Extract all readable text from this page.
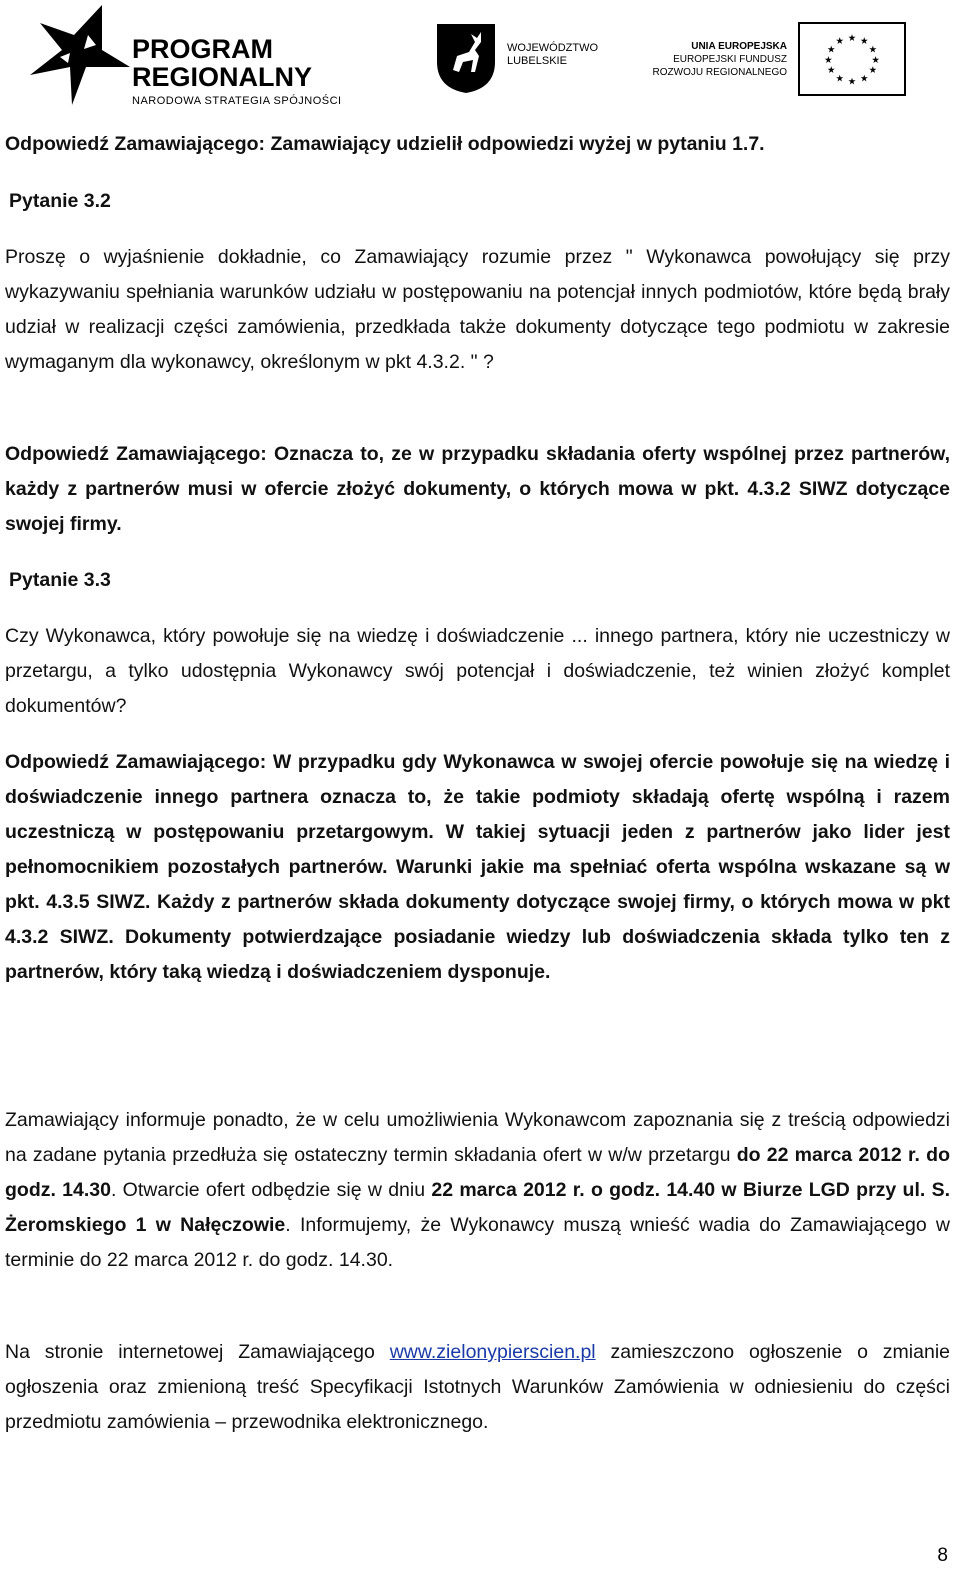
PROGRAM
REGIONALNY
NARODOWA STRATEGIA SPÓJNOŚCI
WOJEWÓDZTWO
LUBELSKIE
UNIA EUROPEJSKA
EUROPEJSKI FUNDUSZ
ROZWOJU REGIONALNEGO
★ ★
★
★
★
★
★
★
★
★
★
★
Odpowiedź Zamawiającego: Zamawiający udzielił odpowiedzi wyżej w pytaniu 1.7.
Pytanie 3.2
Proszę o wyjaśnienie dokładnie, co Zamawiający rozumie przez " Wykonawca powołujący się przy wykazywaniu spełniania warunków udziału w postępowaniu na potencjał innych podmiotów, które będą brały udział w realizacji części zamówienia, przedkłada także dokumenty dotyczące tego podmiotu w zakresie wymaganym dla wykonawcy, określonym w pkt 4.3.2. " ?
Odpowiedź Zamawiającego: Oznacza to, ze w przypadku składania oferty wspólnej przez partnerów, każdy z partnerów musi w ofercie złożyć dokumenty, o których mowa w pkt. 4.3.2 SIWZ dotyczące swojej firmy.
Pytanie 3.3
Czy Wykonawca, który powołuje się na wiedzę i doświadczenie ... innego partnera, który nie uczestniczy w przetargu, a tylko udostępnia Wykonawcy swój potencjał i doświadczenie, też winien złożyć komplet dokumentów?
Odpowiedź Zamawiającego: W przypadku gdy Wykonawca w swojej ofercie powołuje się na wiedzę i doświadczenie innego partnera oznacza to, że takie podmioty składają ofertę wspólną i razem uczestniczą w postępowaniu przetargowym. W takiej sytuacji jeden z partnerów jako lider jest pełnomocnikiem pozostałych partnerów. Warunki jakie ma spełniać oferta wspólna wskazane są w pkt. 4.3.5 SIWZ. Każdy z partnerów składa dokumenty dotyczące swojej firmy, o których mowa w pkt 4.3.2 SIWZ. Dokumenty potwierdzające posiadanie wiedzy lub doświadczenia składa tylko ten z partnerów, który taką wiedzą i doświadczeniem dysponuje.
Zamawiający informuje ponadto, że w celu umożliwienia Wykonawcom zapoznania się z treścią odpowiedzi na zadane pytania przedłuża się ostateczny termin składania ofert w w/w przetargu do 22 marca 2012 r. do godz. 14.30. Otwarcie ofert odbędzie się w dniu 22 marca 2012 r. o godz. 14.40 w Biurze LGD przy ul. S. Żeromskiego 1 w Nałęczowie. Informujemy, że Wykonawcy muszą wnieść wadia do Zamawiającego w terminie do 22 marca 2012 r. do godz. 14.30.
Na stronie internetowej Zamawiającego www.zielonypierscien.pl zamieszczono ogłoszenie o zmianie ogłoszenia oraz zmienioną treść Specyfikacji Istotnych Warunków Zamówienia w odniesieniu do części przedmiotu zamówienia – przewodnika elektronicznego.
8
